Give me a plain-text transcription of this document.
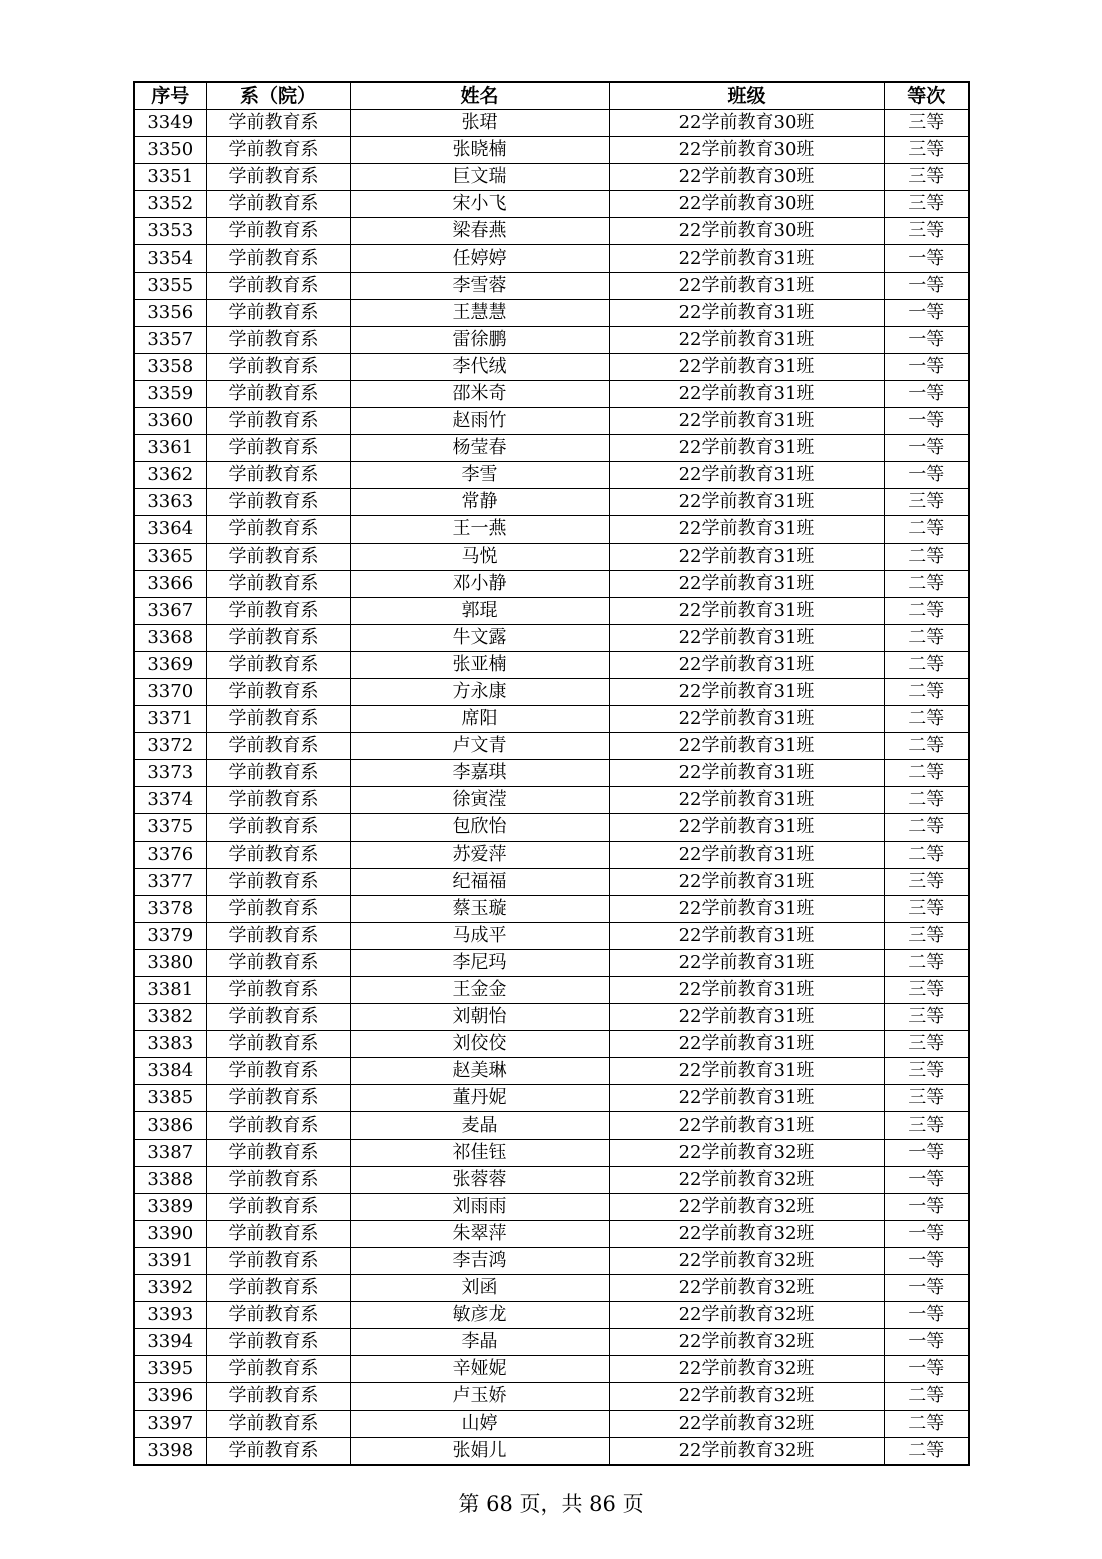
序号	系（院）	姓名	班级	等次
3349	学前教育系	张珺	22学前教育30班	三等
3350	学前教育系	张晓楠	22学前教育30班	三等
3351	学前教育系	巨文瑞	22学前教育30班	三等
3352	学前教育系	宋小飞	22学前教育30班	三等
3353	学前教育系	梁春燕	22学前教育30班	三等
3354	学前教育系	任婷婷	22学前教育31班	一等
3355	学前教育系	李雪蓉	22学前教育31班	一等
3356	学前教育系	王慧慧	22学前教育31班	一等
3357	学前教育系	雷徐鹏	22学前教育31班	一等
3358	学前教育系	李代绒	22学前教育31班	一等
3359	学前教育系	邵米奇	22学前教育31班	一等
3360	学前教育系	赵雨竹	22学前教育31班	一等
3361	学前教育系	杨莹春	22学前教育31班	一等
3362	学前教育系	李雪	22学前教育31班	一等
3363	学前教育系	常静	22学前教育31班	三等
3364	学前教育系	王一燕	22学前教育31班	二等
3365	学前教育系	马悦	22学前教育31班	二等
3366	学前教育系	邓小静	22学前教育31班	二等
3367	学前教育系	郭琨	22学前教育31班	二等
3368	学前教育系	牛文露	22学前教育31班	二等
3369	学前教育系	张亚楠	22学前教育31班	二等
3370	学前教育系	方永康	22学前教育31班	二等
3371	学前教育系	席阳	22学前教育31班	二等
3372	学前教育系	卢文青	22学前教育31班	二等
3373	学前教育系	李嘉琪	22学前教育31班	二等
3374	学前教育系	徐寅滢	22学前教育31班	二等
3375	学前教育系	包欣怡	22学前教育31班	二等
3376	学前教育系	苏爱萍	22学前教育31班	二等
3377	学前教育系	纪福福	22学前教育31班	三等
3378	学前教育系	蔡玉璇	22学前教育31班	三等
3379	学前教育系	马成平	22学前教育31班	三等
3380	学前教育系	李尼玛	22学前教育31班	二等
3381	学前教育系	王金金	22学前教育31班	三等
3382	学前教育系	刘朝怡	22学前教育31班	三等
3383	学前教育系	刘佼佼	22学前教育31班	三等
3384	学前教育系	赵美琳	22学前教育31班	三等
3385	学前教育系	董丹妮	22学前教育31班	三等
3386	学前教育系	麦晶	22学前教育31班	三等
3387	学前教育系	祁佳钰	22学前教育32班	一等
3388	学前教育系	张蓉蓉	22学前教育32班	一等
3389	学前教育系	刘雨雨	22学前教育32班	一等
3390	学前教育系	朱翠萍	22学前教育32班	一等
3391	学前教育系	李吉鸿	22学前教育32班	一等
3392	学前教育系	刘函	22学前教育32班	一等
3393	学前教育系	敏彦龙	22学前教育32班	一等
3394	学前教育系	李晶	22学前教育32班	一等
3395	学前教育系	辛娅妮	22学前教育32班	一等
3396	学前教育系	卢玉娇	22学前教育32班	二等
3397	学前教育系	山婷	22学前教育32班	二等
3398	学前教育系	张娟儿	22学前教育32班	二等
第 68 页，共 86 页
